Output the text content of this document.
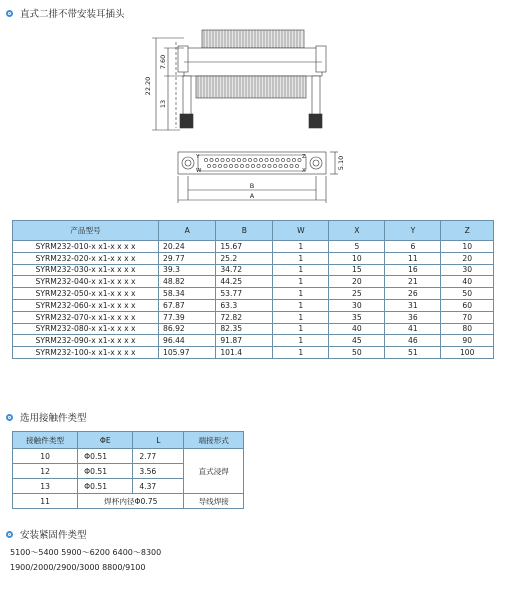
直式二排不带安装耳插头
22.20
7.60
13
5.10
B
A
Y	Z
W	X
产品型号	A	B	W	X	Y	Z
SYRM232-010-x x1-x x x x	20.24	15.67	1	5	6	10
SYRM232-020-x x1-x x x x	29.77	25.2	1	10	11	20
SYRM232-030-x x1-x x x x	39.3	34.72	1	15	16	30
SYRM232-040-x x1-x x x x	48.82	44.25	1	20	21	40
SYRM232-050-x x1-x x x x	58.34	53.77	1	25	26	50
SYRM232-060-x x1-x x x x	67.87	63.3	1	30	31	60
SYRM232-070-x x1-x x x x	77.39	72.82	1	35	36	70
SYRM232-080-x x1-x x x x	86.92	82.35	1	40	41	80
SYRM232-090-x x1-x x x x	96.44	91.87	1	45	46	90
SYRM232-100-x x1-x x x x	105.97	101.4	1	50	51	100
选用接触件类型
接触件类型	ΦE	L	端接形式
10	Φ0.51	2.77	直式浸焊
12	Φ0.51	3.56	
13	Φ0.51	4.37	
11	焊杯内径Φ0.75		导线焊接
安装紧固件类型
5100～5400 5900～6200 6400～8300
1900/2000/2900/3000 8800/9100
